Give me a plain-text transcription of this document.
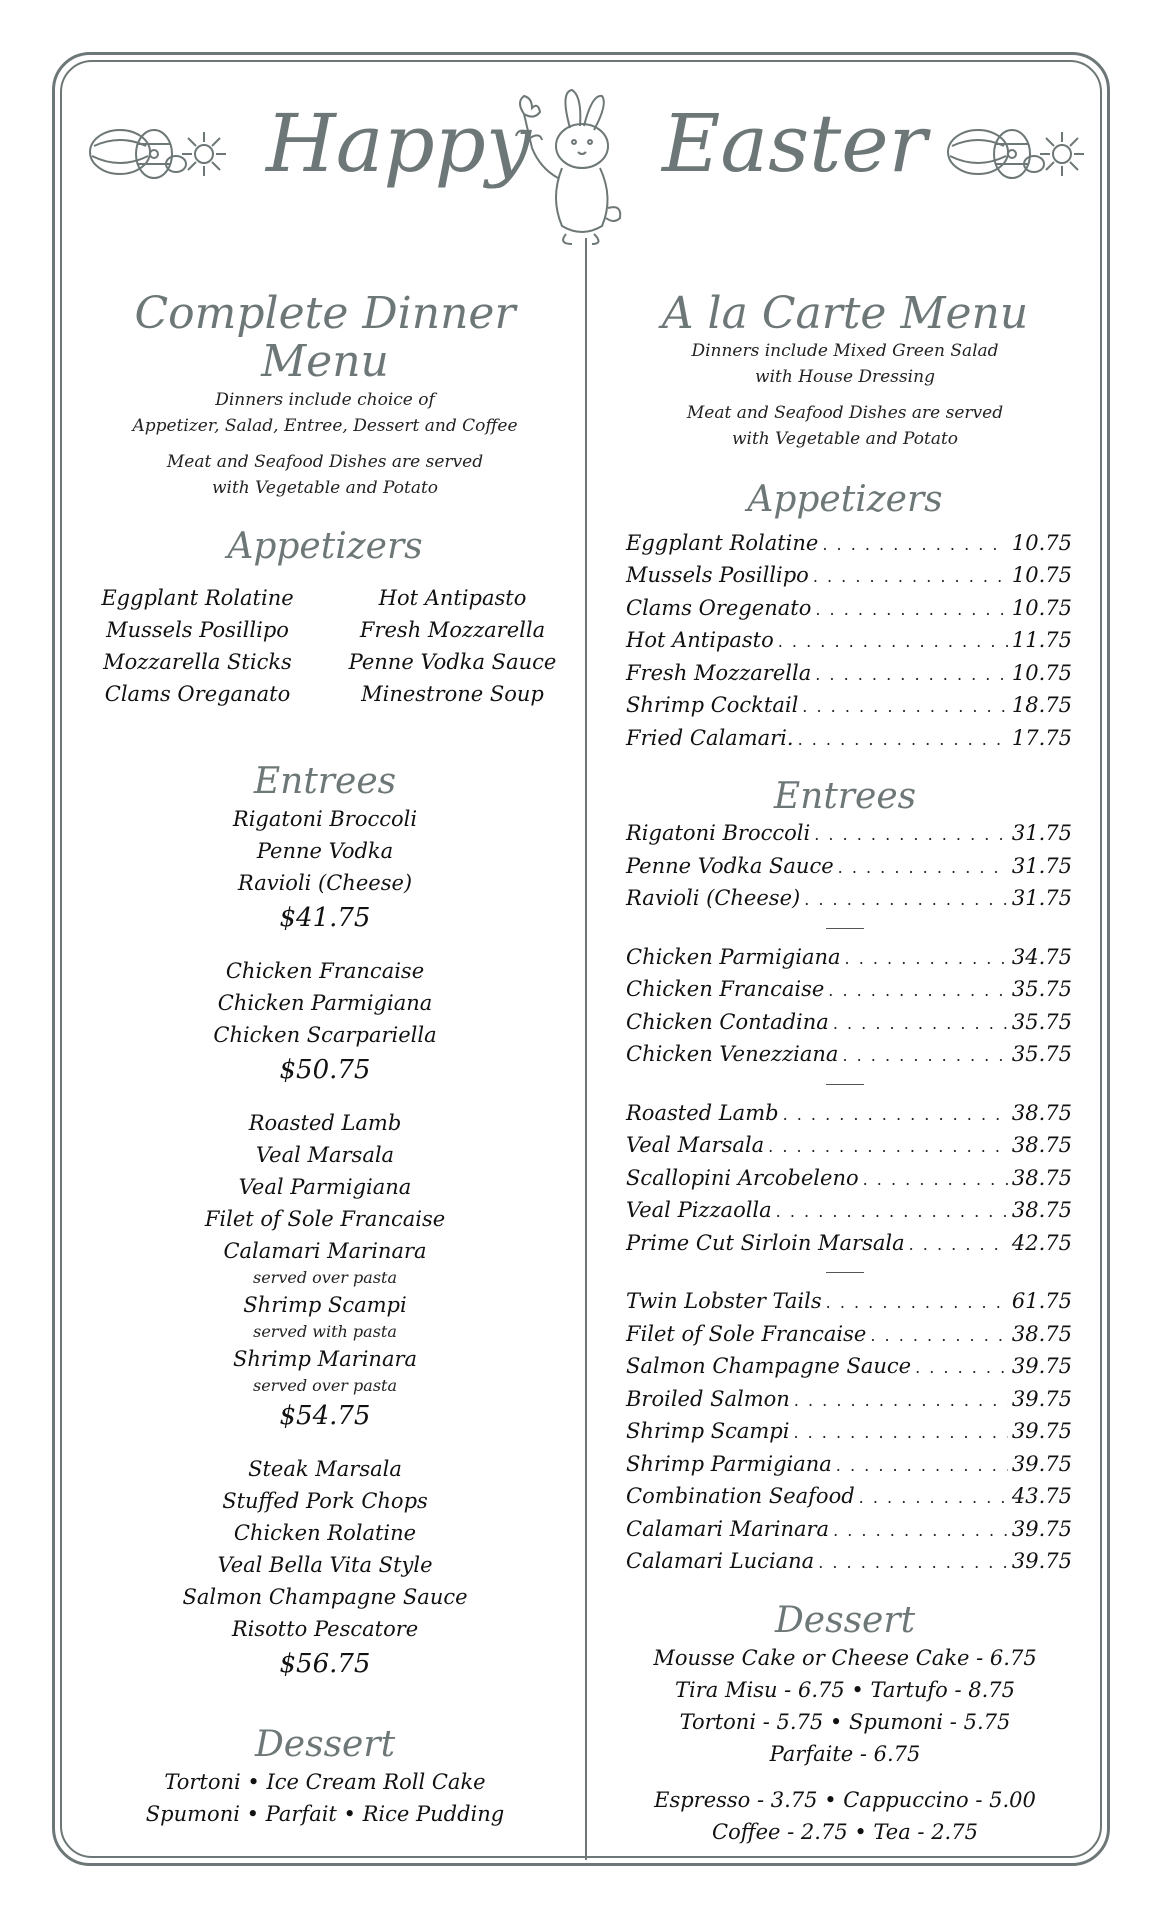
Happy Easter
Complete Dinner Menu
Dinners include choice of
Appetizer, Salad, Entree, Dessert and Coffee
Meat and Seafood Dishes are served
with Vegetable and Potato
Appetizers
Eggplant Rolatine	Hot Antipasto
Mussels Posillipo	Fresh Mozzarella
Mozzarella Sticks	Penne Vodka Sauce
Clams Oreganato	Minestrone Soup
Entrees
Rigatoni Broccoli
Penne Vodka
Ravioli (Cheese)
$41.75
Chicken Francaise
Chicken Parmigiana
Chicken Scarpariella
$50.75
Roasted Lamb
Veal Marsala
Veal Parmigiana
Filet of Sole Francaise
Calamari Marinara
served over pasta
Shrimp Scampi
served with pasta
Shrimp Marinara
served over pasta
$54.75
Steak Marsala
Stuffed Pork Chops
Chicken Rolatine
Veal Bella Vita Style
Salmon Champagne Sauce
Risotto Pescatore
$56.75
Dessert
Tortoni • Ice Cream Roll Cake
Spumoni • Parfait • Rice Pudding
A la Carte Menu
Dinners include Mixed Green Salad
with House Dressing
Meat and Seafood Dishes are served
with Vegetable and Potato
Appetizers
Eggplant Rolatine . . .	10.75
Mussels Posillipo . . .	10.75
Clams Oregenato . . .	10.75
Hot Antipasto . . .	11.75
Fresh Mozzarella . . .	10.75
Shrimp Cocktail . . .	18.75
Fried Calamari. . . .	17.75
Entrees
Rigatoni Broccoli . . .	31.75
Penne Vodka Sauce . . .	31.75
Ravioli (Cheese) . . .	31.75
Chicken Parmigiana . . .	34.75
Chicken Francaise . . .	35.75
Chicken Contadina . . .	35.75
Chicken Venezziana . . .	35.75
Roasted Lamb . . .	38.75
Veal Marsala . . .	38.75
Scallopini Arcobeleno . . .	38.75
Veal Pizzaolla . . .	38.75
Prime Cut Sirloin Marsala . . .	42.75
Twin Lobster Tails . . .	61.75
Filet of Sole Francaise . . .	38.75
Salmon Champagne Sauce . . .	39.75
Broiled Salmon . . .	39.75
Shrimp Scampi . . .	39.75
Shrimp Parmigiana . . .	39.75
Combination Seafood . . .	43.75
Calamari Marinara . . .	39.75
Calamari Luciana . . .	39.75
Dessert
Mousse Cake or Cheese Cake - 6.75
Tira Misu - 6.75 • Tartufo - 8.75
Tortoni - 5.75 • Spumoni - 5.75
Parfaite - 6.75
Espresso - 3.75 • Cappuccino - 5.00
Coffee - 2.75 • Tea - 2.75
